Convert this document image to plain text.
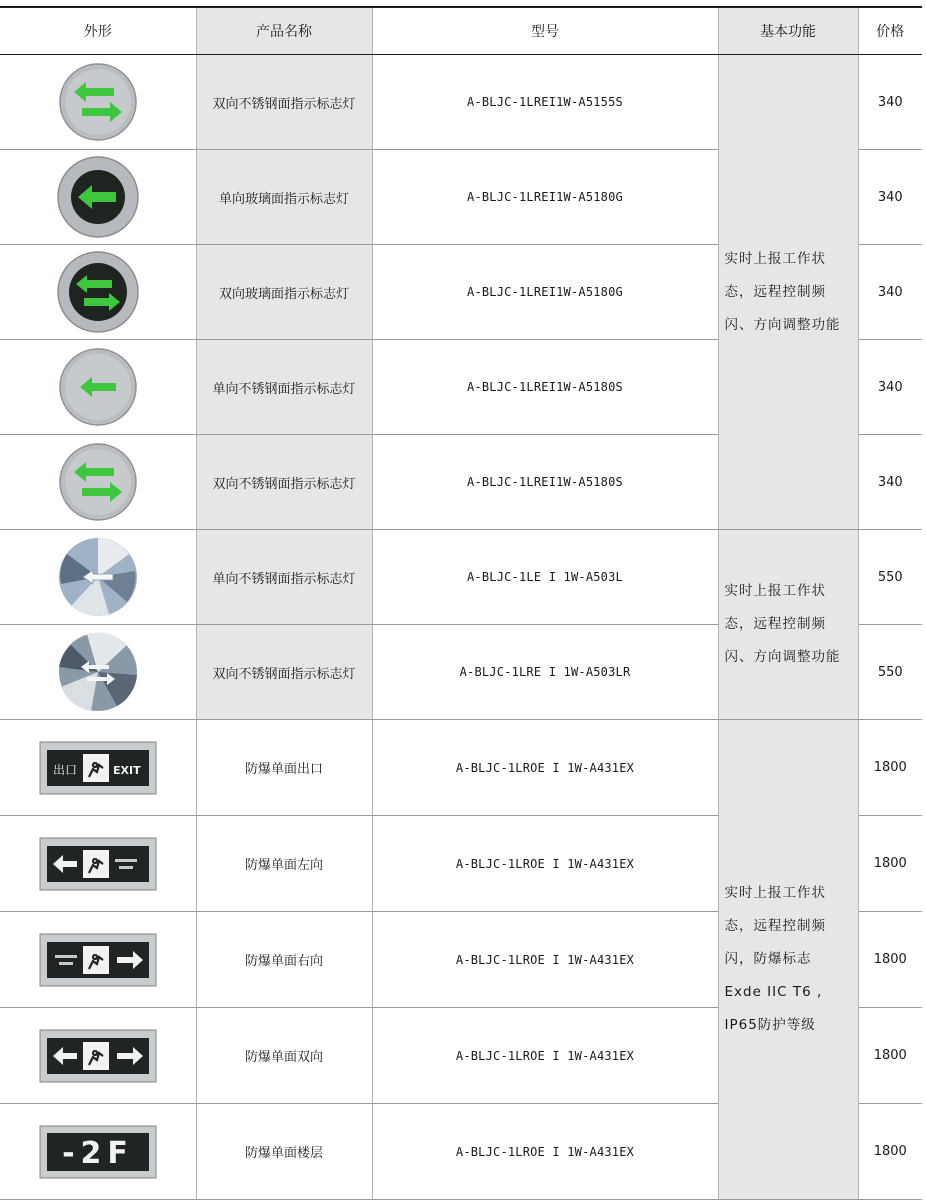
外形	产品名称	型号	基本功能	价格

	双向不锈钢面指示标志灯	A-BLJC-1LREI1W-A5155S	实时上报工作状
态，远程控制频
闪、方向调整功能	340

	单向玻璃面指示标志灯	A-BLJC-1LREI1W-A5180G		340

	双向玻璃面指示标志灯	A-BLJC-1LREI1W-A5180G		340

	单向不锈钢面指示标志灯	A-BLJC-1LREI1W-A5180S		340

	双向不锈钢面指示标志灯	A-BLJC-1LREI1W-A5180S		340

	单向不锈钢面指示标志灯	A-BLJC-1LE I 1W-A503L	实时上报工作状
态，远程控制频
闪、方向调整功能	550

	双向不锈钢面指示标志灯	A-BLJC-1LRE I 1W-A503LR		550

出口 EXIT	防爆单面出口	A-BLJC-1LROE I 1W-A431EX	实时上报工作状
态，远程控制频
闪，防爆标志
Exde IIC T6 ,
IP65防护等级	1800

	防爆单面左向	A-BLJC-1LROE I 1W-A431EX		1800

	防爆单面右向	A-BLJC-1LROE I 1W-A431EX		1800

	防爆单面双向	A-BLJC-1LROE I 1W-A431EX		1800

-2F	防爆单面楼层	A-BLJC-1LROE I 1W-A431EX		1800
